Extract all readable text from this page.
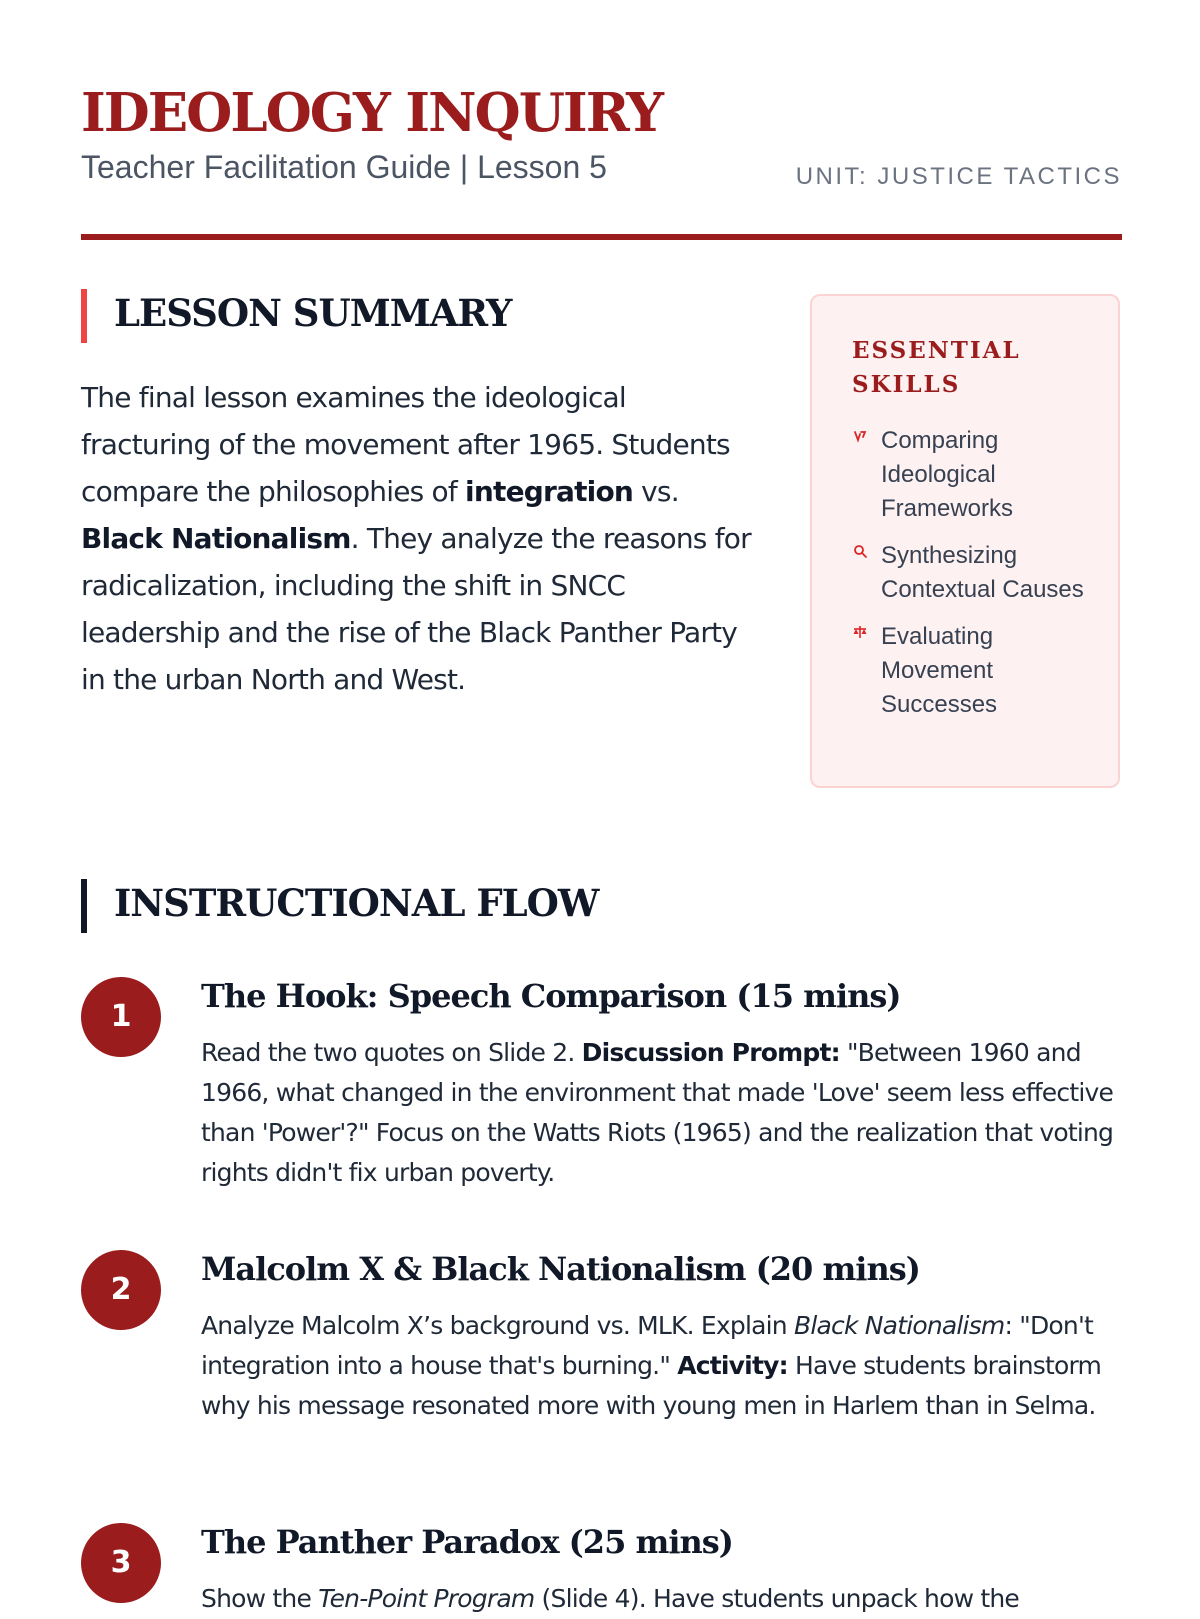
IDEOLOGY INQUIRY
Teacher Facilitation Guide | Lesson 5	UNIT: JUSTICE TACTICS
LESSON SUMMARY

The final lesson examines the ideological fracturing of the movement after 1965. Students compare the philosophies of integration vs. Black Nationalism. They analyze the reasons for radicalization, including the shift in SNCC leadership and the rise of the Black Panther Party in the urban North and West.

ESSENTIAL SKILLS
Comparing Ideological Frameworks
Synthesizing Contextual Causes
Evaluating Movement Successes
INSTRUCTIONAL FLOW
1
The Hook: Speech Comparison (15 mins)

Read the two quotes on Slide 2. Discussion Prompt: "Between 1960 and 1966, what changed in the environment that made 'Love' seem less effective than 'Power'?" Focus on the Watts Riots (1965) and the realization that voting rights didn't fix urban poverty.

2
Malcolm X & Black Nationalism (20 mins)

Analyze Malcolm X’s background vs. MLK. Explain Black Nationalism: "Don't integration into a house that's burning." Activity: Have students brainstorm why his message resonated more with young men in Harlem than in Selma.

3
The Panther Paradox (25 mins)

Show the Ten-Point Program (Slide 4). Have students unpack how the
